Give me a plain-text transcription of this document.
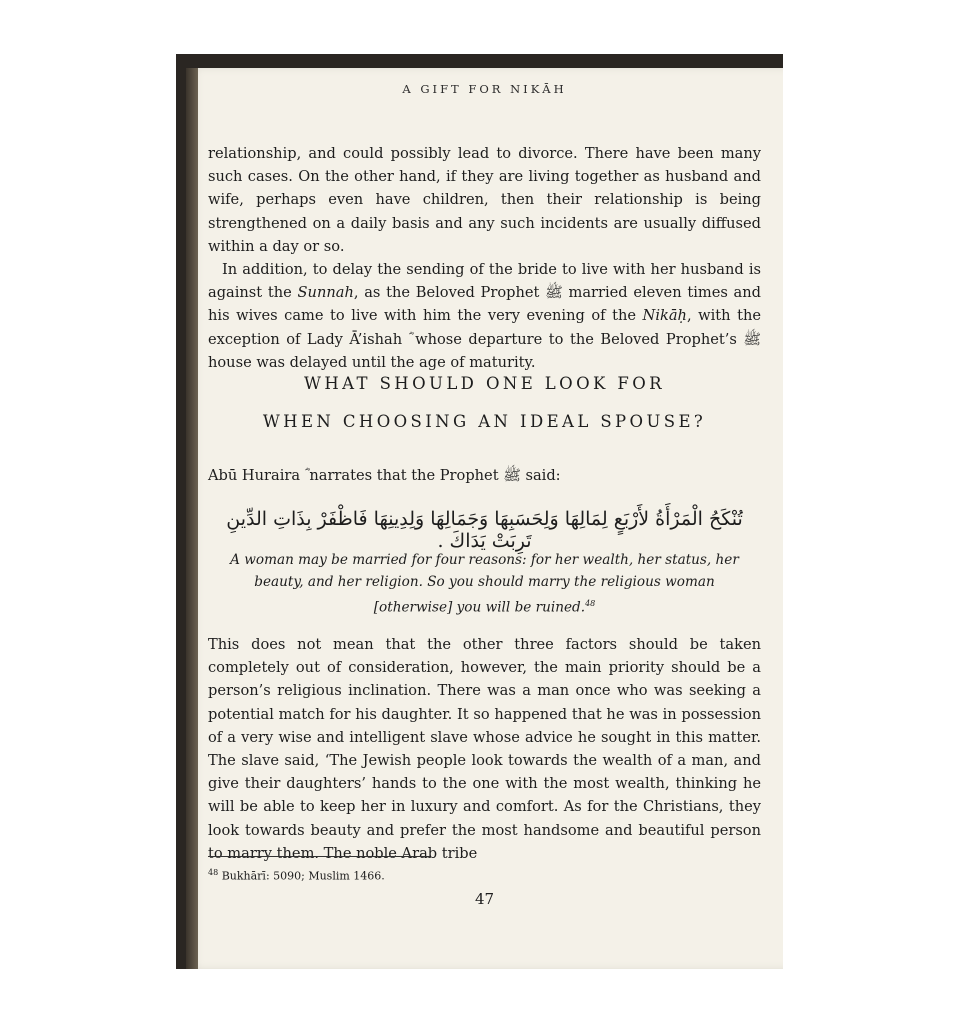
A GIFT FOR NIKĀH

relationship, and could possibly lead to divorce. There have been many such cases. On the other hand, if they are living together as husband and wife, perhaps even have children, then their relationship is being strengthened on a daily basis and any such incidents are usually diffused within a day or so.

In addition, to delay the sending of the bride to live with her husband is against the Sunnah, as the Beloved Prophet ﷺ married eleven times and his wives came to live with him the very evening of the Nikāḥ, with the exception of Lady Ā’ishah ؓ whose departure to the Beloved Prophet’s ﷺ house was delayed until the age of maturity.

WHAT SHOULD ONE LOOK FOR
WHEN CHOOSING AN IDEAL SPOUSE?
Abū Huraira ؓ narrates that the Prophet ﷺ said:
تُنْكَحُ الْمَرْأَةُ لأَرْبَعٍ لِمَالِهَا وَلِحَسَبِهَا وَجَمَالِهَا وَلِدِينِهَا فَاظْفَرْ بِذَاتِ الدِّينِ تَرِبَتْ يَدَاكَ .
A woman may be married for four reasons: for her wealth, her status, her beauty, and her religion. So you should marry the religious woman [otherwise] you will be ruined.$^{48}$
This does not mean that the other three factors should be taken completely out of consideration, however, the main priority should be a person’s religious inclination. There was a man once who was seeking a potential match for his daughter. It so happened that he was in possession of a very wise and intelligent slave whose advice he sought in this matter. The slave said, ‘The Jewish people look towards the wealth of a man, and give their daughters’ hands to the one with the most wealth, thinking he will be able to keep her in luxury and comfort. As for the Christians, they look towards beauty and prefer the most handsome and beautiful person to marry them. The noble Arab tribe
$^{48}$ Bukhārī: 5090; Muslim 1466.
47
